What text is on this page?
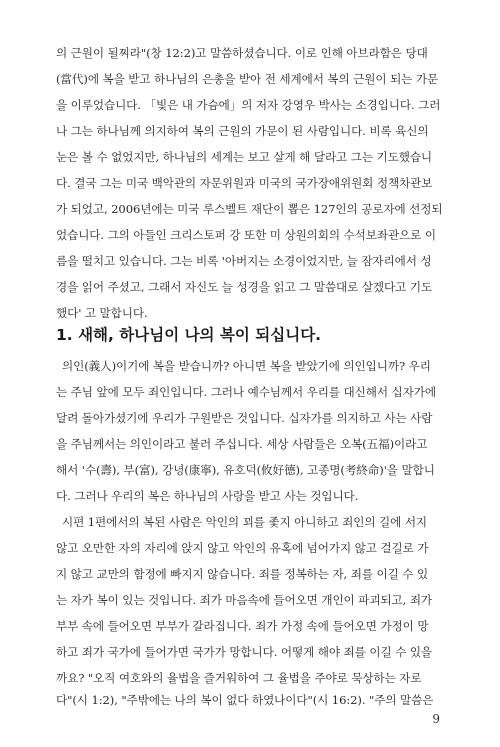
의 근원이 될찌라"(창 12:2)고 말씀하셨습니다. 이로 인해 아브라함은 당대
(當代)에 복을 받고 하나님의 은총을 받아 전 세계에서 복의 근원이 되는 가문
을 이루었습니다. 「빛은 내 가슴에」의 저자 강영우 박사는 소경입니다. 그러
나 그는 하나님께 의지하여 복의 근원의 가문이 된 사람입니다. 비록 육신의
눈은 볼 수 없었지만, 하나님의 세계는 보고 살게 해 달라고 그는 기도했습니
다. 결국 그는 미국 백악관의 자문위원과 미국의 국가장애위원회 정책차관보
가 되었고, 2006년에는 미국 루스벨트 재단이 뽑은 127인의 공로자에 선정되
었습니다. 그의 아들인 크리스토퍼 강 또한 미 상원의회의 수석보좌관으로 이
름을 떨치고 있습니다. 그는 비록 '아버지는 소경이었지만, 늘 잠자리에서 성
경을 읽어 주셨고, 그래서 자신도 늘 성경을 읽고 그 말씀대로 살겠다고 기도
했다' 고 말합니다.
1. 새해, 하나님이 나의 복이 되십니다.
의인(義人)이기에 복을 받습니까? 아니면 복을 받았기에 의인입니까? 우리
는 주님 앞에 모두 죄인입니다. 그러나 예수님께서 우리를 대신해서 십자가에
달려 돌아가셨기에 우리가 구원받은 것입니다. 십자가를 의지하고 사는 사람
을 주님께서는 의인이라고 불러 주십니다. 세상 사람들은 오복(五福)이라고
해서 '수(壽), 부(富), 강녕(康寧), 유호덕(攸好德), 고종명(考終命)'을 말합니
다. 그러나 우리의 복은 하나님의 사랑을 받고 사는 것입니다.
시편 1편에서의 복된 사람은 악인의 꾀를 좇지 아니하고 죄인의 길에 서지
않고 오만한 자의 자리에 앉지 않고 악인의 유혹에 넘어가지 않고 걸길로 가
지 않고 교만의 함정에 빠지지 않습니다. 죄를 정복하는 자, 죄를 이길 수 있
는 자가 복이 있는 것입니다. 죄가 마음속에 들어오면 개인이 파괴되고, 죄가
부부 속에 들어오면 부부가 갈라집니다. 죄가 가정 속에 들어오면 가정이 망
하고 죄가 국가에 들어가면 국가가 망합니다. 어떻게 해야 죄를 이길 수 있을
까요? "오직 여호와의 율법을 즐거워하여 그 율법을 주야로 묵상하는 자로
다"(시 1:2), "주밖에는 나의 복이 없다 하였나이다"(시 16:2). "주의 말씀은
9
